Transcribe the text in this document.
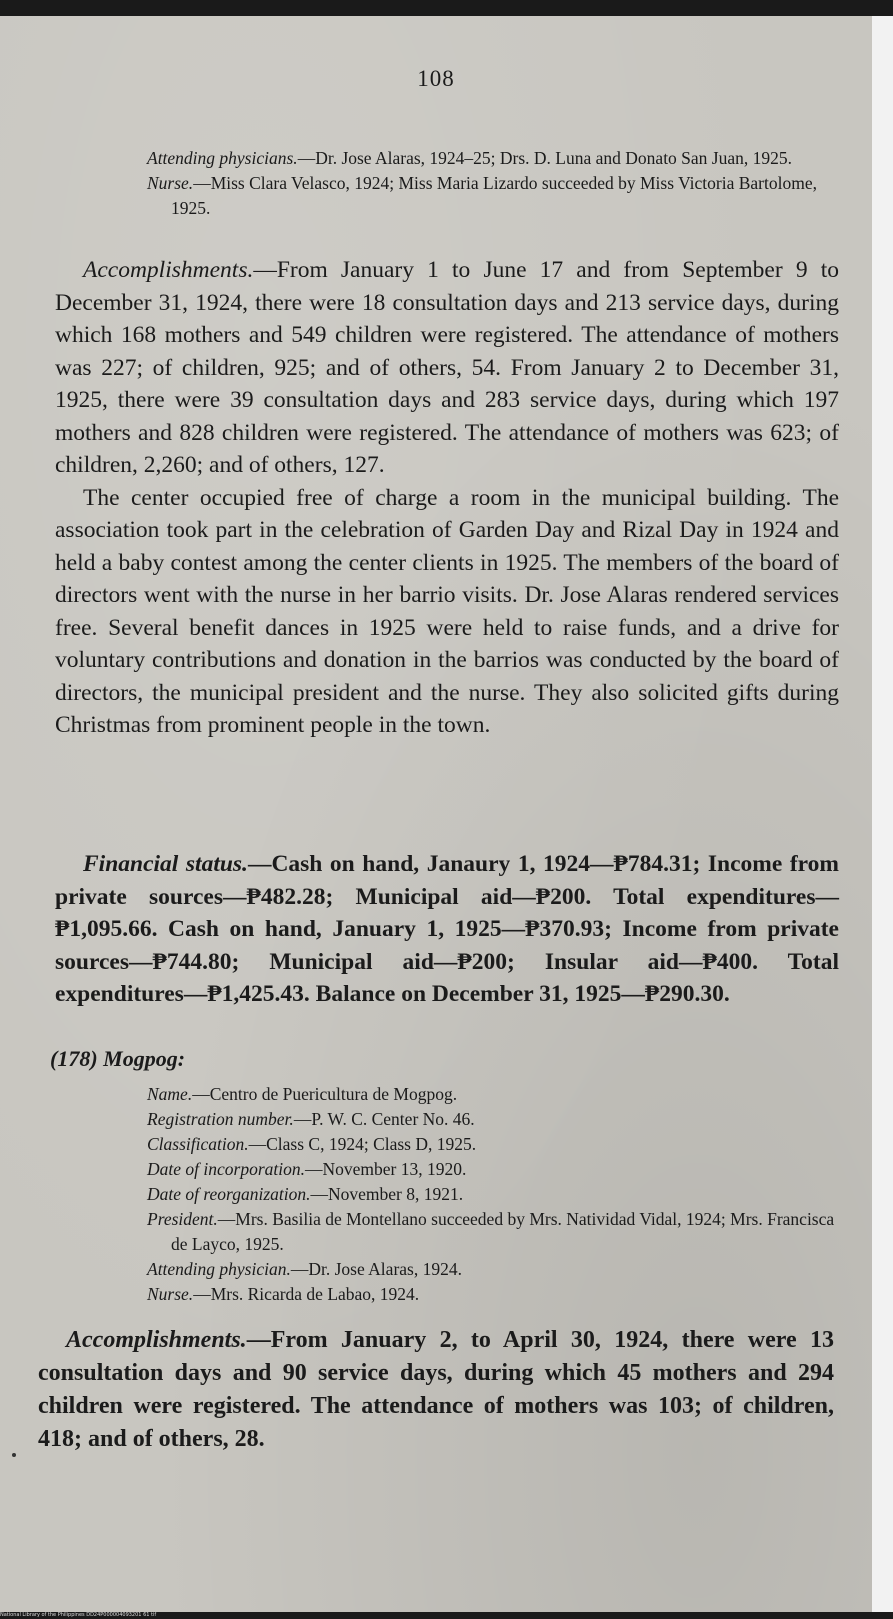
108

Attending physicians.—Dr. Jose Alaras, 1924–25; Drs. D. Luna and Donato San Juan, 1925.

Nurse.—Miss Clara Velasco, 1924; Miss Maria Lizardo succeeded by Miss Victoria Bartolome, 1925.

Accomplishments.—From January 1 to June 17 and from September 9 to December 31, 1924, there were 18 consultation days and 213 service days, during which 168 mothers and 549 children were registered. The attendance of mothers was 227; of children, 925; and of others, 54. From January 2 to December 31, 1925, there were 39 consultation days and 283 service days, during which 197 mothers and 828 children were registered. The attendance of mothers was 623; of children, 2,260; and of others, 127.

The center occupied free of charge a room in the municipal building. The association took part in the celebration of Garden Day and Rizal Day in 1924 and held a baby contest among the center clients in 1925. The members of the board of directors went with the nurse in her barrio visits. Dr. Jose Alaras rendered services free. Several benefit dances in 1925 were held to raise funds, and a drive for voluntary contributions and donation in the barrios was conducted by the board of directors, the municipal president and the nurse. They also solicited gifts during Christmas from prominent people in the town.

Financial status.—Cash on hand, Janaury 1, 1924—₱784.31; Income from private sources—₱482.28; Municipal aid—₱200. Total expenditures—₱1,095.66. Cash on hand, January 1, 1925—₱370.93; Income from private sources—₱744.80; Municipal aid—₱200; Insular aid—₱400. Total expenditures—₱1,425.43. Balance on December 31, 1925—₱290.30.

(178) Mogpog:

Name.—Centro de Puericultura de Mogpog.

Registration number.—P. W. C. Center No. 46.

Classification.—Class C, 1924; Class D, 1925.

Date of incorporation.—November 13, 1920.

Date of reorganization.—November 8, 1921.

President.—Mrs. Basilia de Montellano succeeded by Mrs. Natividad Vidal, 1924; Mrs. Francisca de Layco, 1925.

Attending physician.—Dr. Jose Alaras, 1924.

Nurse.—Mrs. Ricarda de Labao, 1924.

Accomplishments.—From January 2, to April 30, 1924, there were 13 consultation days and 90 service days, during which 45 mothers and 294 children were registered. The attendance of mothers was 103; of children, 418; and of others, 28.

National Library of the Philippines DD24P000004093201 61 tif
